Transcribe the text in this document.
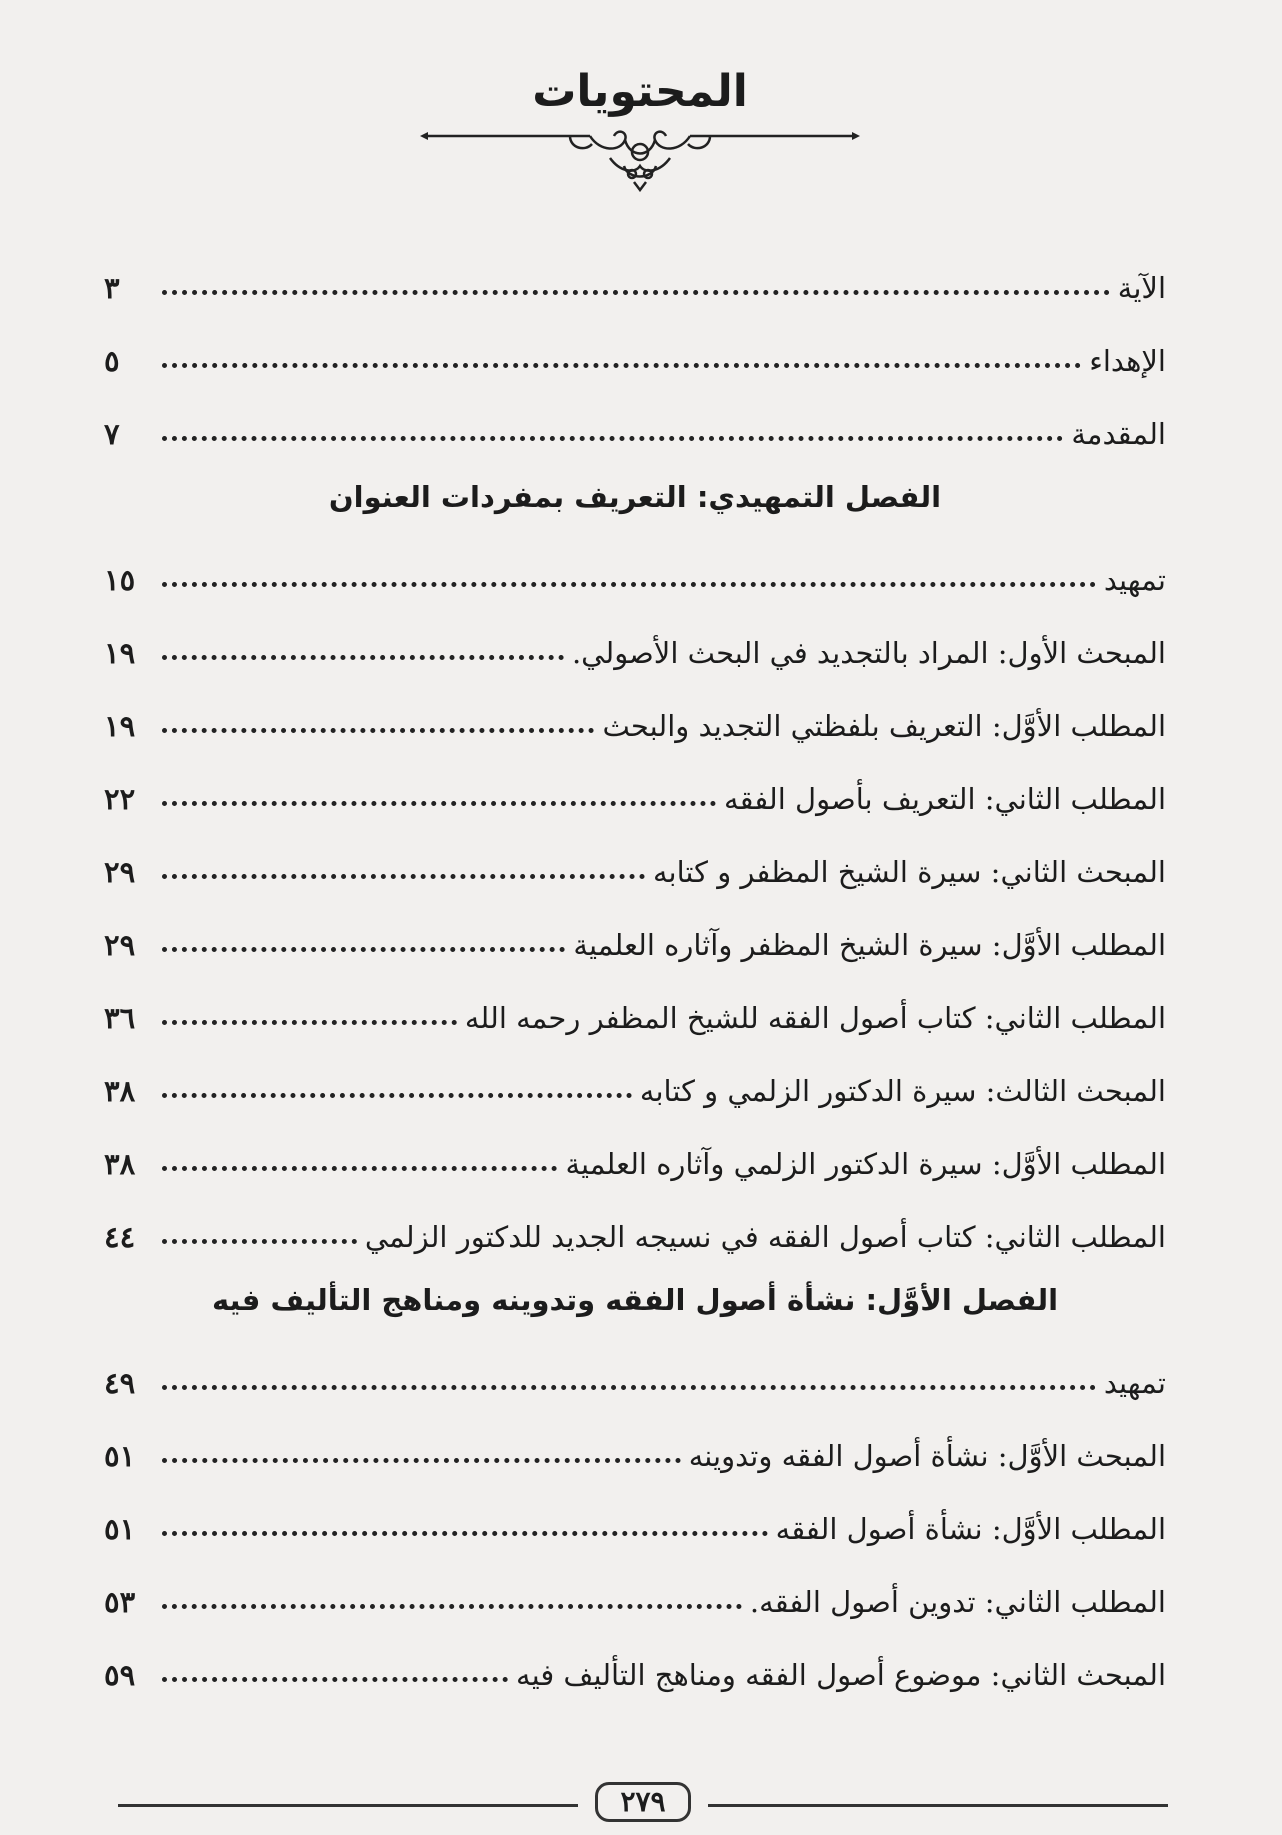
المحتويات
الآية
٣
الإهداء
٥
المقدمة
٧
الفصل التمهيدي: التعريف بمفردات العنوان
تمهيد
١٥
المبحث الأول: المراد بالتجديد في البحث الأصولي.
١٩
المطلب الأوَّل: التعريف بلفظتي التجديد والبحث
١٩
المطلب الثاني: التعريف بأصول الفقه
٢٢
المبحث الثاني: سيرة الشيخ المظفر و كتابه
٢٩
المطلب الأوَّل: سيرة الشيخ المظفر وآثاره العلمية
٢٩
المطلب الثاني: كتاب أصول الفقه للشيخ المظفر رحمه الله
٣٦
المبحث الثالث: سيرة الدكتور الزلمي و كتابه
٣٨
المطلب الأوَّل: سيرة الدكتور الزلمي وآثاره العلمية
٣٨
المطلب الثاني: كتاب أصول الفقه في نسيجه الجديد للدكتور الزلمي
٤٤
الفصل الأوَّل: نشأة أصول الفقه وتدوينه ومناهج التأليف فيه
تمهيد
٤٩
المبحث الأوَّل: نشأة أصول الفقه وتدوينه
٥١
المطلب الأوَّل: نشأة أصول الفقه
٥١
المطلب الثاني: تدوين أصول الفقه.
٥٣
المبحث الثاني: موضوع أصول الفقه ومناهج التأليف فيه
٥٩
٢٧٩
